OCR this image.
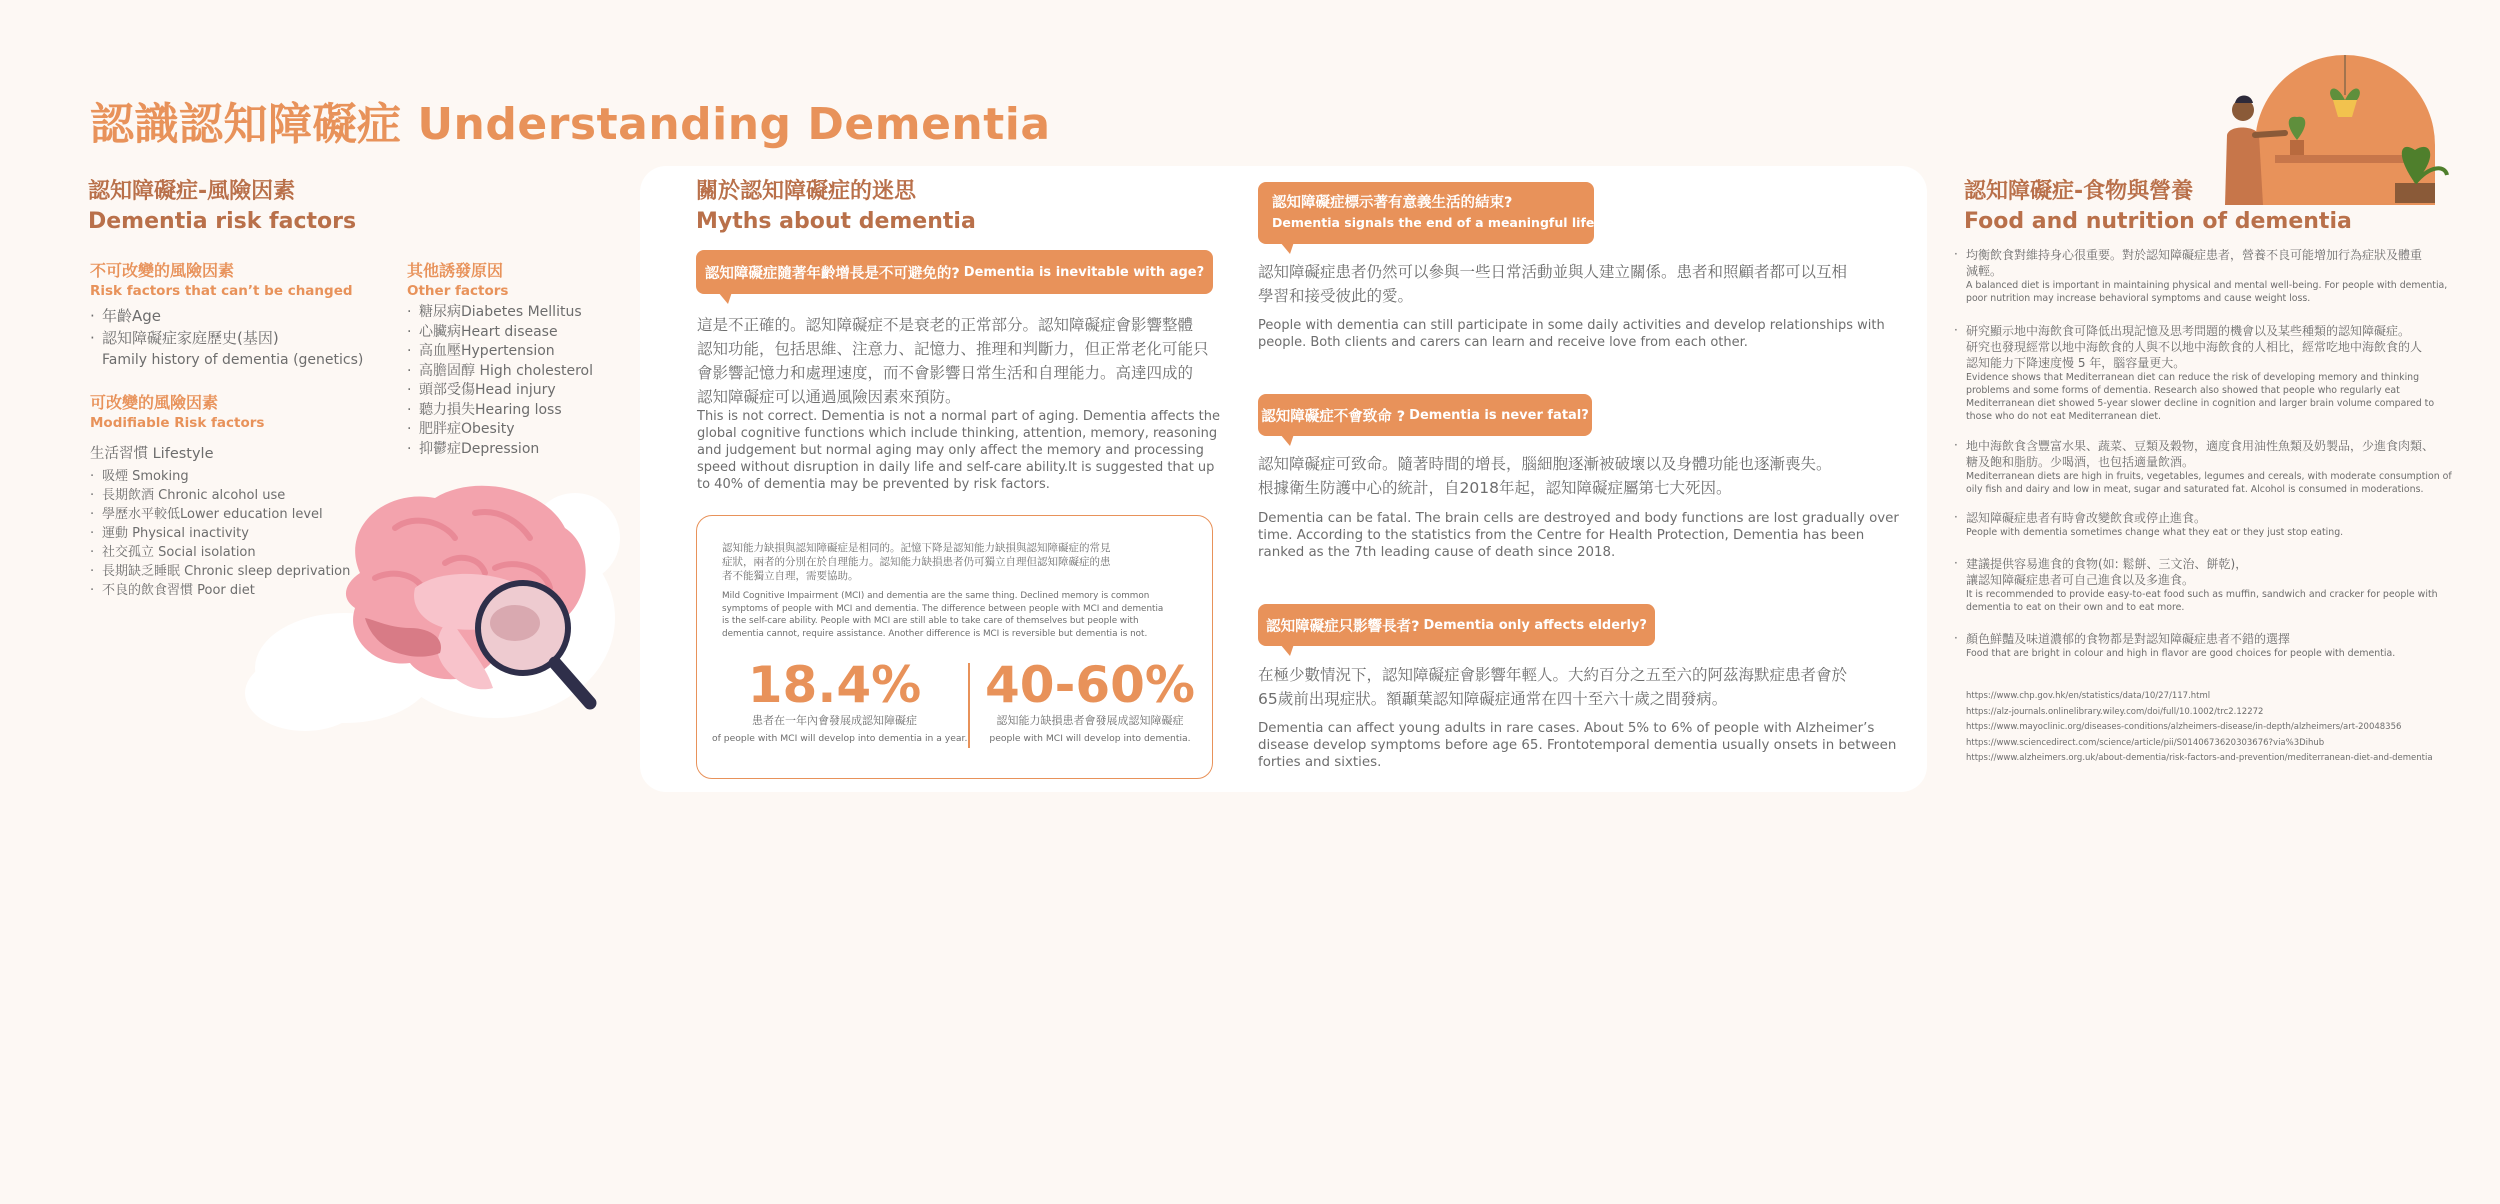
認識認知障礙症 Understanding Dementia
認知障礙症-風險因素
Dementia risk factors
不可改變的風險因素
Risk factors that can’t be changed
· 年齡Age
· 認知障礙症家庭歷史(基因)
Family history of dementia (genetics)
可改變的風險因素
Modifiable Risk factors
生活習慣 Lifestyle
· 吸煙 Smoking
· 長期飲酒 Chronic alcohol use
· 學歷水平較低Lower education level
· 運動 Physical inactivity
· 社交孤立 Social isolation
· 長期缺乏睡眠 Chronic sleep deprivation
· 不良的飲食習慣 Poor diet
其他誘發原因
Other factors
· 糖尿病Diabetes Mellitus
· 心臟病Heart disease
· 高血壓Hypertension
· 高膽固醇 High cholesterol
· 頭部受傷Head injury
· 聽力損失Hearing loss
· 肥胖症Obesity
· 抑鬱症Depression
關於認知障礙症的迷思
Myths about dementia
認知障礙症隨著年齡增長是不可避免的? Dementia is inevitable with age?
這是不正確的。認知障礙症不是衰老的正常部分。認知障礙症會影響整體
認知功能，包括思維、注意力、記憶力、推理和判斷力，但正常老化可能只
會影響記憶力和處理速度，而不會影響日常生活和自理能力。高達四成的
認知障礙症可以通過風險因素來預防。
This is not correct. Dementia is not a normal part of aging. Dementia affects the
global cognitive functions which include thinking, attention, memory, reasoning
and judgement but normal aging may only affect the memory and processing
speed without disruption in daily life and self-care ability.It is suggested that up
to 40% of dementia may be prevented by risk factors.
認知能力缺損與認知障礙症是相同的。記憶下降是認知能力缺損與認知障礙症的常見
症狀，兩者的分別在於自理能力。認知能力缺損患者仍可獨立自理但認知障礙症的患
者不能獨立自理，需要協助。
Mild Cognitive Impairment (MCI) and dementia are the same thing. Declined memory is common
symptoms of people with MCI and dementia. The difference between people with MCI and dementia
is the self-care ability. People with MCI are still able to take care of themselves but people with
dementia cannot, require assistance. Another difference is MCI is reversible but dementia is not.
18.4%
患者在一年內會發展成認知障礙症
of people with MCI will develop into dementia in a year.
40-60%
認知能力缺損患者會發展成認知障礙症
people with MCI will develop into dementia.
認知障礙症標示著有意義生活的結束?
Dementia signals the end of a meaningful life?
認知障礙症患者仍然可以參與一些日常活動並與人建立關係。患者和照顧者都可以互相
學習和接受彼此的愛。
People with dementia can still participate in some daily activities and develop relationships with
people. Both clients and carers can learn and receive love from each other.
認知障礙症不會致命 ? Dementia is never fatal?
認知障礙症可致命。隨著時間的增長，腦細胞逐漸被破壞以及身體功能也逐漸喪失。
根據衛生防護中心的統計，自2018年起，認知障礙症屬第七大死因。
Dementia can be fatal. The brain cells are destroyed and body functions are lost gradually over
time. According to the statistics from the Centre for Health Protection, Dementia has been
ranked as the 7th leading cause of death since 2018.
認知障礙症只影響長者? Dementia only affects elderly?
在極少數情況下，認知障礙症會影響年輕人。大約百分之五至六的阿茲海默症患者會於
65歲前出現症狀。額顳葉認知障礙症通常在四十至六十歲之間發病。
Dementia can affect young adults in rare cases. About 5% to 6% of people with Alzheimer’s
disease develop symptoms before age 65. Frontotemporal dementia usually onsets in between
forties and sixties.
認知障礙症-食物與營養
Food and nutrition of dementia
· 均衡飲食對維持身心很重要。對於認知障礙症患者，營養不良可能增加行為症狀及體重
減輕。
A balanced diet is important in maintaining physical and mental well-being. For people with dementia,
poor nutrition may increase behavioral symptoms and cause weight loss.
· 研究顯示地中海飲食可降低出現記憶及思考問題的機會以及某些種類的認知障礙症。
研究也發現經常以地中海飲食的人與不以地中海飲食的人相比，經常吃地中海飲食的人
認知能力下降速度慢 5 年，腦容量更大。
Evidence shows that Mediterranean diet can reduce the risk of developing memory and thinking
problems and some forms of dementia. Research also showed that people who regularly eat
Mediterranean diet showed 5-year slower decline in cognition and larger brain volume compared to
those who do not eat Mediterranean diet.
· 地中海飲食含豐富水果、蔬菜、豆類及穀物，適度食用油性魚類及奶製品，少進食肉類、
糖及飽和脂肪。少喝酒，也包括適量飲酒。
Mediterranean diets are high in fruits, vegetables, legumes and cereals, with moderate consumption of
oily fish and dairy and low in meat, sugar and saturated fat. Alcohol is consumed in moderations.
· 認知障礙症患者有時會改變飲食或停止進食。
People with dementia sometimes change what they eat or they just stop eating.
· 建議提供容易進食的食物(如: 鬆餅、三文治、餅乾)，
讓認知障礙症患者可自己進食以及多進食。
It is recommended to provide easy-to-eat food such as muffin, sandwich and cracker for people with
dementia to eat on their own and to eat more.
· 顏色鮮豔及味道濃郁的食物都是對認知障礙症患者不錯的選擇
Food that are bright in colour and high in flavor are good choices for people with dementia.
https://www.chp.gov.hk/en/statistics/data/10/27/117.html
https://alz-journals.onlinelibrary.wiley.com/doi/full/10.1002/trc2.12272
https://www.mayoclinic.org/diseases-conditions/alzheimers-disease/in-depth/alzheimers/art-20048356
https://www.sciencedirect.com/science/article/pii/S0140673620303676?via%3Dihub
https://www.alzheimers.org.uk/about-dementia/risk-factors-and-prevention/mediterranean-diet-and-dementia
